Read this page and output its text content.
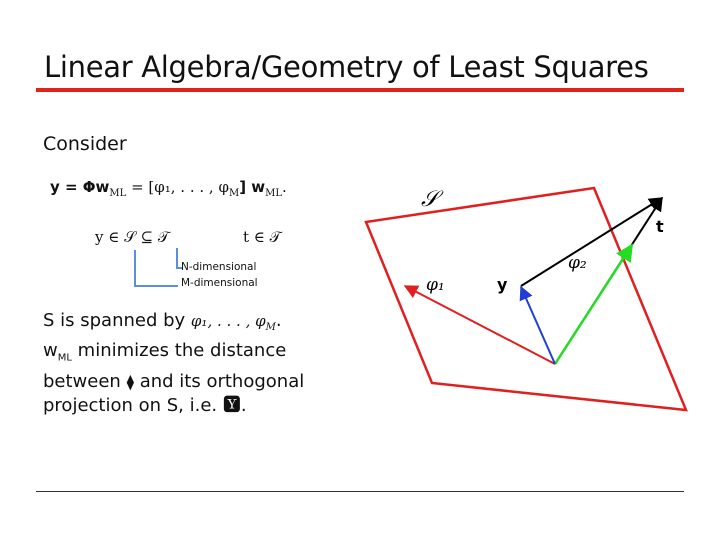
Linear Algebra/Geometry of Least Squares
Consider
$y = \Phi w_{ML} = [\varphi_1$, . . . , $\varphi_M$] $w_{ML}$.
y ∈ 𝒮 ⊆ 𝒯	t ∈ 𝒯
N-dimensional
M-dimensional
S is spanned by φ₁, . . . , $\varphi_M$.
$w_{ML}$ minimizes the distance between ⧫ and its orthogonal projection on S, i.e. 🆈.
𝒮
φ₁
φ₂
y
t
